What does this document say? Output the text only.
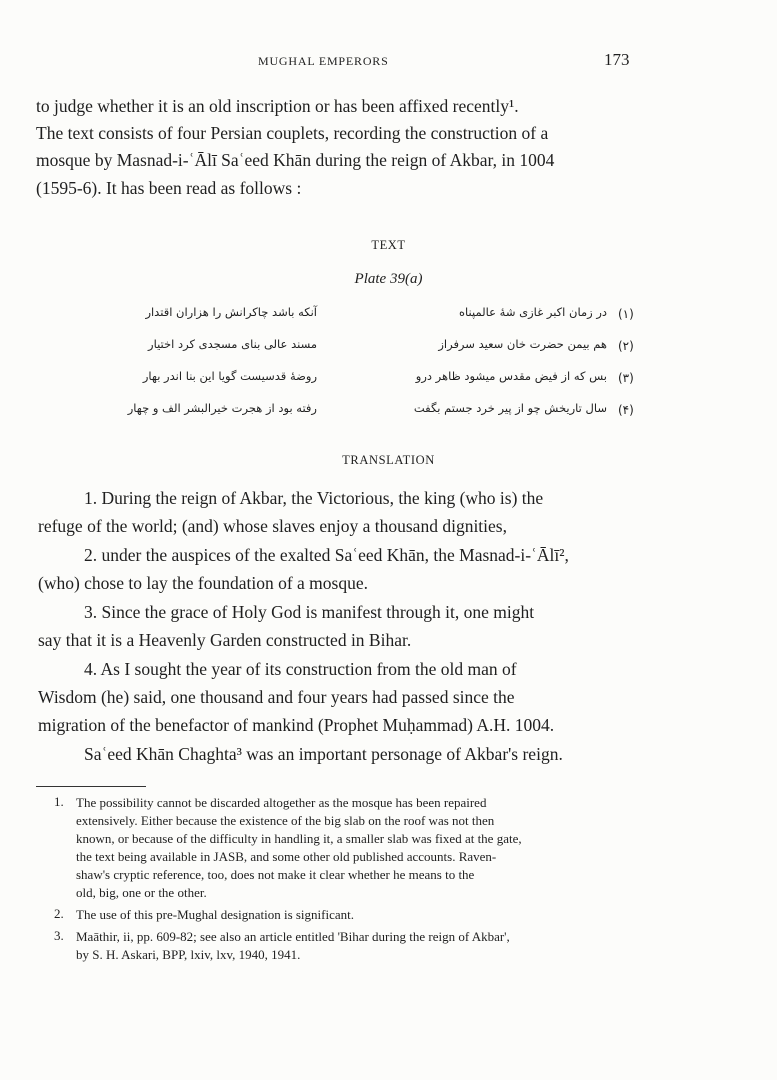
MUGHAL EMPERORS	173
to judge whether it is an old inscription or has been affixed recently¹.
The text consists of four Persian couplets, recording the construction of a
mosque by Masnad-i-ʿĀlī Saʿeed Khān during the reign of Akbar, in 1004
(1595-6). It has been read as follows :
TEXT
Plate 39(a)
(۱)
در زمان اکبر غازی شهٔ عالمپناه
آنکه باشد چاکرانش را هزاران اقتدار
(۲)
هم بیمن حضرت خان سعید سرفراز
مسند عالی بنای مسجدی کرد اختیار
(۳)
بس که از فیض مقدس میشود ظاهر درو
روضهٔ قدسیست گویا این بنا اندر بهار
(۴)
سال تاریخش چو از پیر خرد جستم بگفت
رفته بود از هجرت خیرالبشر الف و چهار
TRANSLATION
1. During the reign of Akbar, the Victorious, the king (who is) the
refuge of the world; (and) whose slaves enjoy a thousand dignities,
2. under the auspices of the exalted Saʿeed Khān, the Masnad-i-ʿĀlī²,
(who) chose to lay the foundation of a mosque.
3. Since the grace of Holy God is manifest through it, one might
say that it is a Heavenly Garden constructed in Bihar.
4. As I sought the year of its construction from the old man of
Wisdom (he) said, one thousand and four years had passed since the
migration of the benefactor of mankind (Prophet Muḥammad) A.H. 1004.
Saʿeed Khān Chaghta³ was an important personage of Akbar's reign.
1. The possibility cannot be discarded altogether as the mosque has been repaired
extensively. Either because the existence of the big slab on the roof was not then
known, or because of the difficulty in handling it, a smaller slab was fixed at the gate,
the text being available in JASB, and some other old published accounts. Raven-
shaw's cryptic reference, too, does not make it clear whether he means to the
old, big, one or the other.
2. The use of this pre-Mughal designation is significant.
3. Maāthir, ii, pp. 609-82; see also an article entitled 'Bihar during the reign of Akbar',
by S. H. Askari, BPP, lxiv, lxv, 1940, 1941.
